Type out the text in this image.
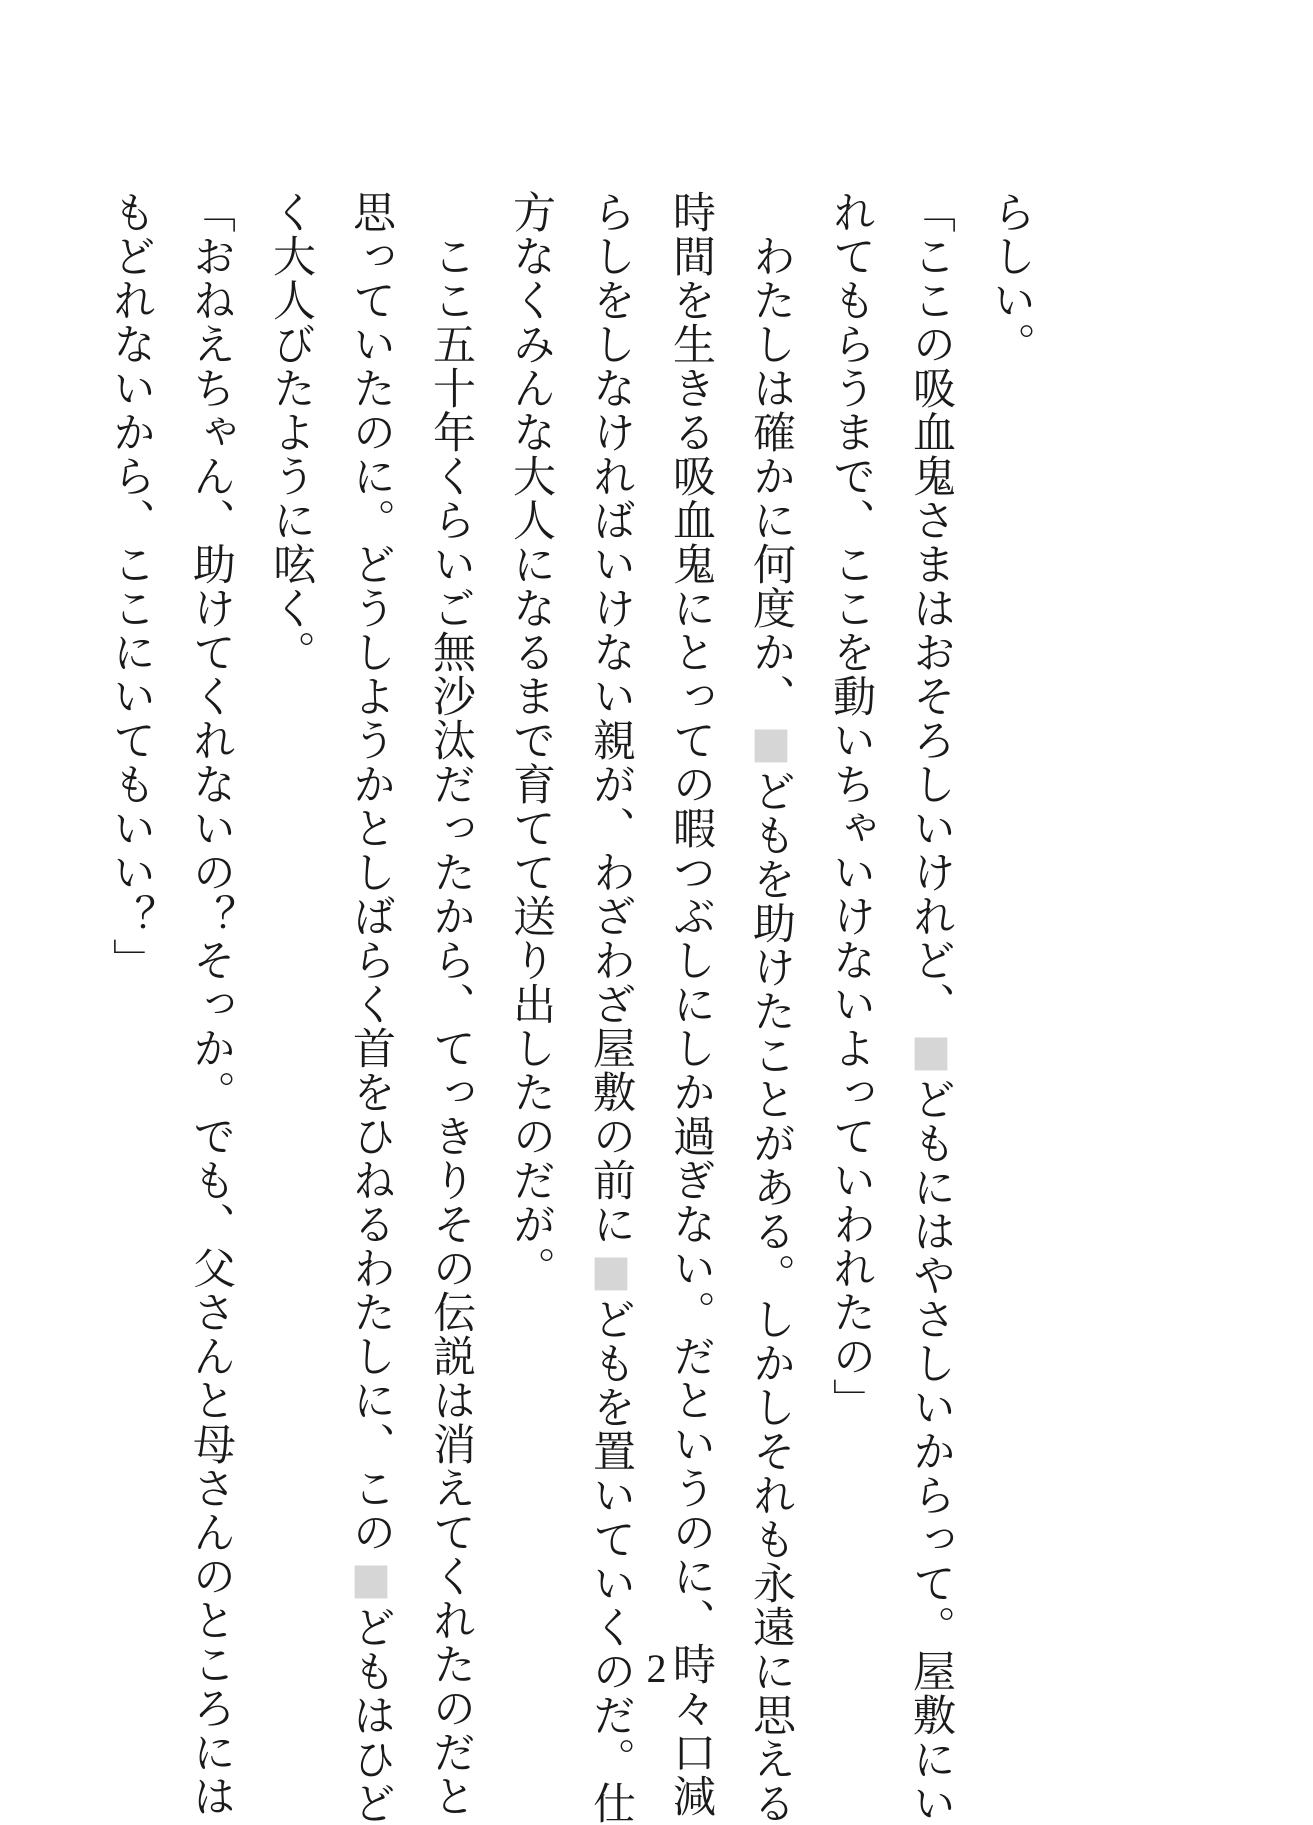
らしい。
「ここの吸血鬼さまはおそろしいけれど、■どもにはやさしいからって。屋敷にい
れてもらうまで、ここを動いちゃいけないよっていわれたの」
　わたしは確かに何度か、■どもを助けたことがある。しかしそれも永遠に思える
時間を生きる吸血鬼にとっての暇つぶしにしか過ぎない。だというのに、時々口減
らしをしなければいけない親が、わざわざ屋敷の前に■どもを置いていくのだ。仕
方なくみんな大人になるまで育てて送り出したのだが。
　ここ五十年くらいご無沙汰だったから、てっきりその伝説は消えてくれたのだと
思っていたのに。どうしようかとしばらく首をひねるわたしに、この■どもはひど
く大人びたように呟く。
「おねえちゃん、助けてくれないの？そっか。でも、父さんと母さんのところには
もどれないから、ここにいてもいい？」
2
